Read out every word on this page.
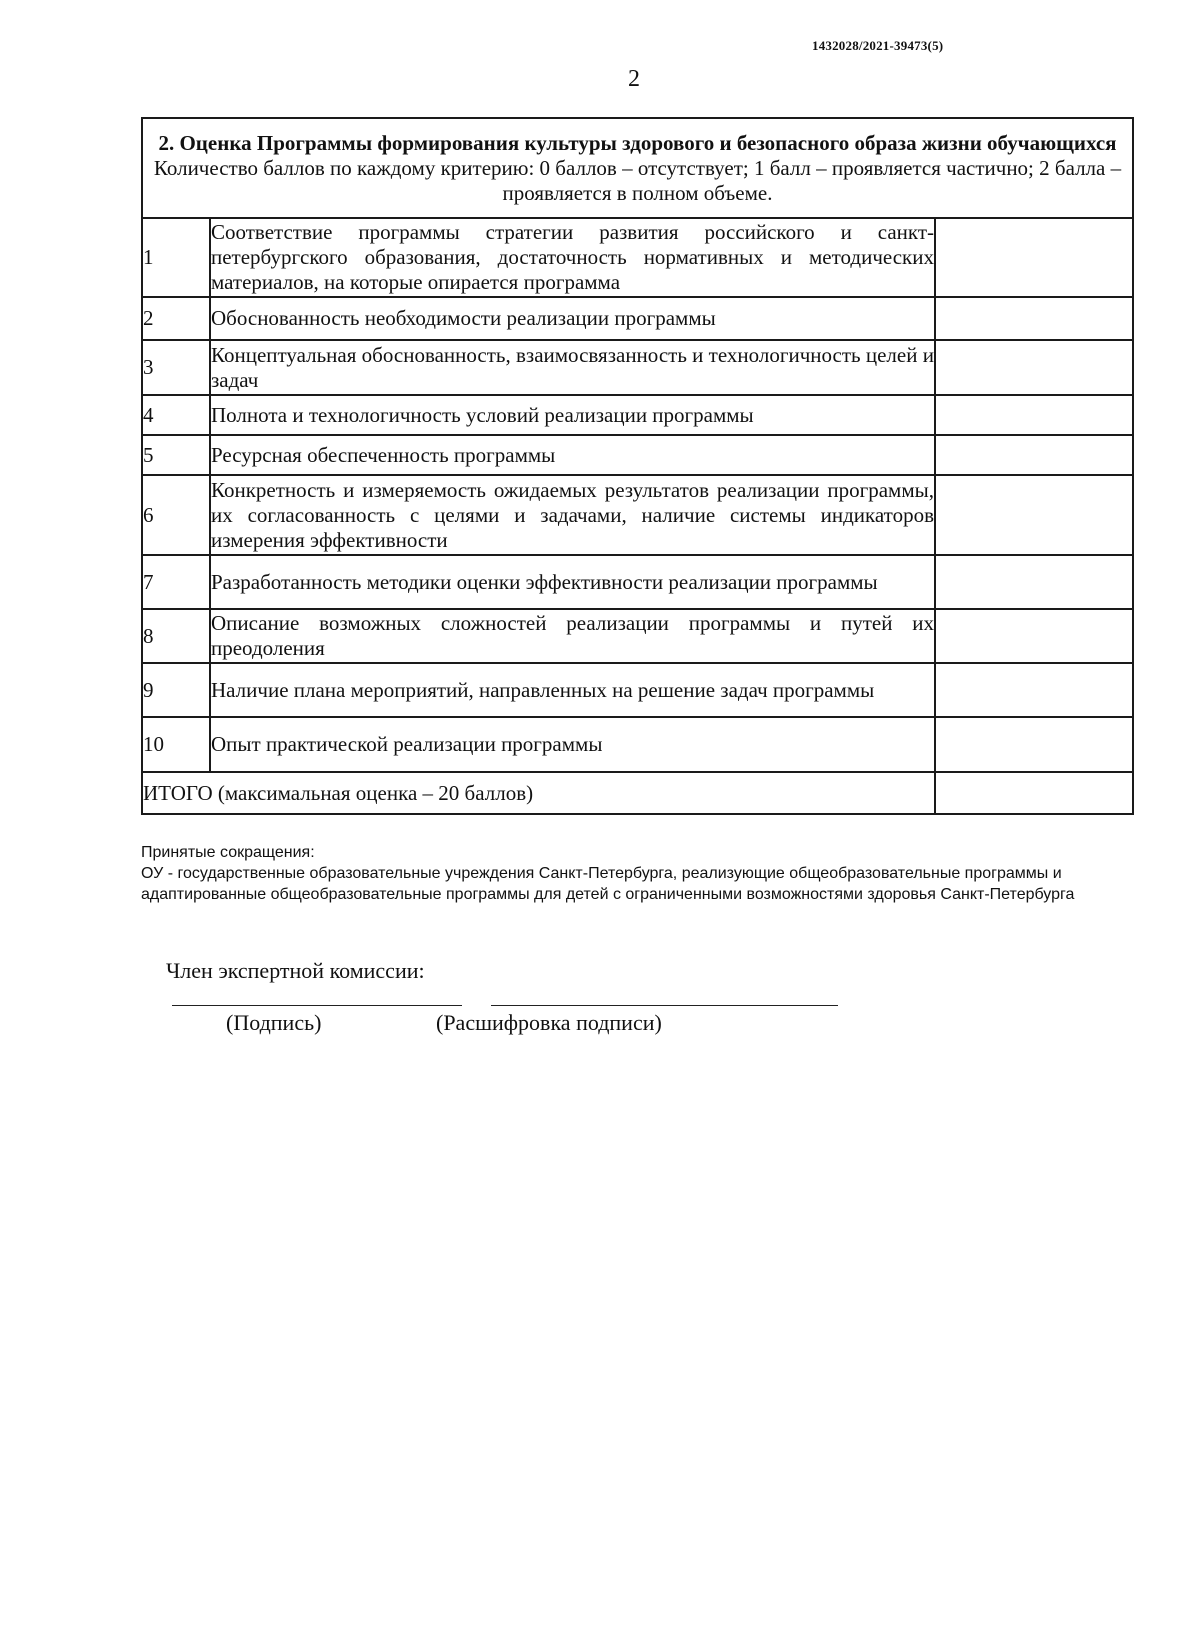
1432028/2021-39473(5)
2
2. Оценка Программы формирования культуры здорового и безопасного образа жизни обучающихся
Количество баллов по каждому критерию: 0 баллов – отсутствует; 1 балл – проявляется частично; 2 балла – проявляется в полном объеме.		

1	Соответствие программы стратегии развития российского и санкт-петербургского образования, достаточность нормативных и методических материалов, на которые опирается программа	
2	Обоснованность необходимости реализации программы	
3	Концептуальная обоснованность, взаимосвязанность и технологичность целей и задач	
4	Полнота и технологичность условий реализации программы	
5	Ресурсная обеспеченность программы	
6	Конкретность и измеряемость ожидаемых результатов реализации программы, их согласованность с целями и задачами, наличие системы индикаторов измерения эффективности	
7	Разработанность методики оценки эффективности реализации программы	
8	Описание возможных сложностей реализации программы и путей их преодоления	
9	Наличие плана мероприятий, направленных на решение задач программы	
10	Опыт практической реализации программы	
ИТОГО (максимальная оценка – 20 баллов)		

Принятые сокращения:

ОУ - государственные образовательные учреждения Санкт-Петербурга, реализующие общеобразовательные программы и адаптированные общеобразовательные программы для детей с ограниченными возможностями здоровья Санкт-Петербурга

Член экспертной комиссии:
(Подпись)	(Расшифровка подписи)
